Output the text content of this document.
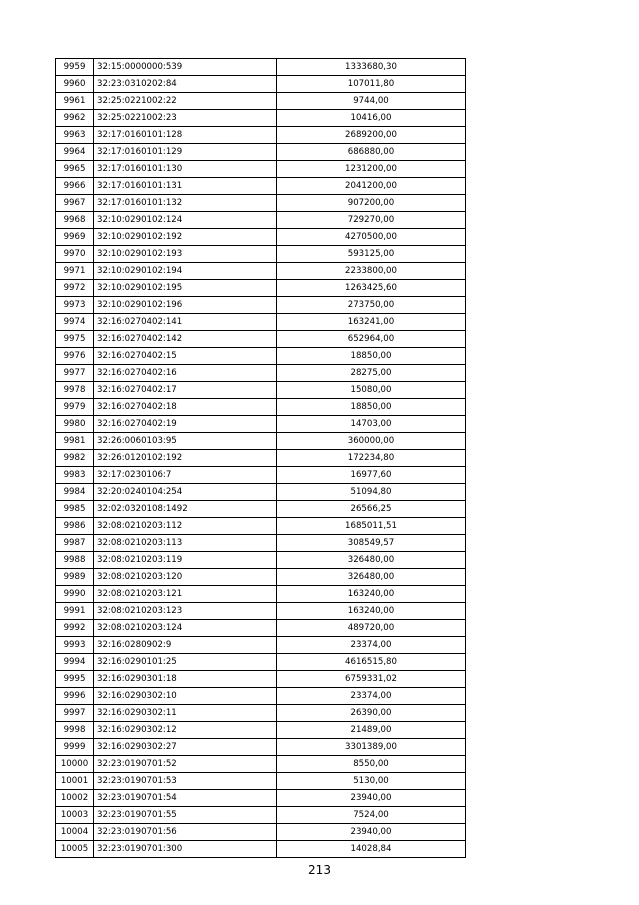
9959	32:15:0000000:539	1333680,30
9960	32:23:0310202:84	107011,80
9961	32:25:0221002:22	9744,00
9962	32:25:0221002:23	10416,00
9963	32:17:0160101:128	2689200,00
9964	32:17:0160101:129	686880,00
9965	32:17:0160101:130	1231200,00
9966	32:17:0160101:131	2041200,00
9967	32:17:0160101:132	907200,00
9968	32:10:0290102:124	729270,00
9969	32:10:0290102:192	4270500,00
9970	32:10:0290102:193	593125,00
9971	32:10:0290102:194	2233800,00
9972	32:10:0290102:195	1263425,60
9973	32:10:0290102:196	273750,00
9974	32:16:0270402:141	163241,00
9975	32:16:0270402:142	652964,00
9976	32:16:0270402:15	18850,00
9977	32:16:0270402:16	28275,00
9978	32:16:0270402:17	15080,00
9979	32:16:0270402:18	18850,00
9980	32:16:0270402:19	14703,00
9981	32:26:0060103:95	360000,00
9982	32:26:0120102:192	172234,80
9983	32:17:0230106:7	16977,60
9984	32:20:0240104:254	51094,80
9985	32:02:0320108:1492	26566,25
9986	32:08:0210203:112	1685011,51
9987	32:08:0210203:113	308549,57
9988	32:08:0210203:119	326480,00
9989	32:08:0210203:120	326480,00
9990	32:08:0210203:121	163240,00
9991	32:08:0210203:123	163240,00
9992	32:08:0210203:124	489720,00
9993	32:16:0280902:9	23374,00
9994	32:16:0290101:25	4616515,80
9995	32:16:0290301:18	6759331,02
9996	32:16:0290302:10	23374,00
9997	32:16:0290302:11	26390,00
9998	32:16:0290302:12	21489,00
9999	32:16:0290302:27	3301389,00
10000	32:23:0190701:52	8550,00
10001	32:23:0190701:53	5130,00
10002	32:23:0190701:54	23940,00
10003	32:23:0190701:55	7524,00
10004	32:23:0190701:56	23940,00
10005	32:23:0190701:300	14028,84
213
